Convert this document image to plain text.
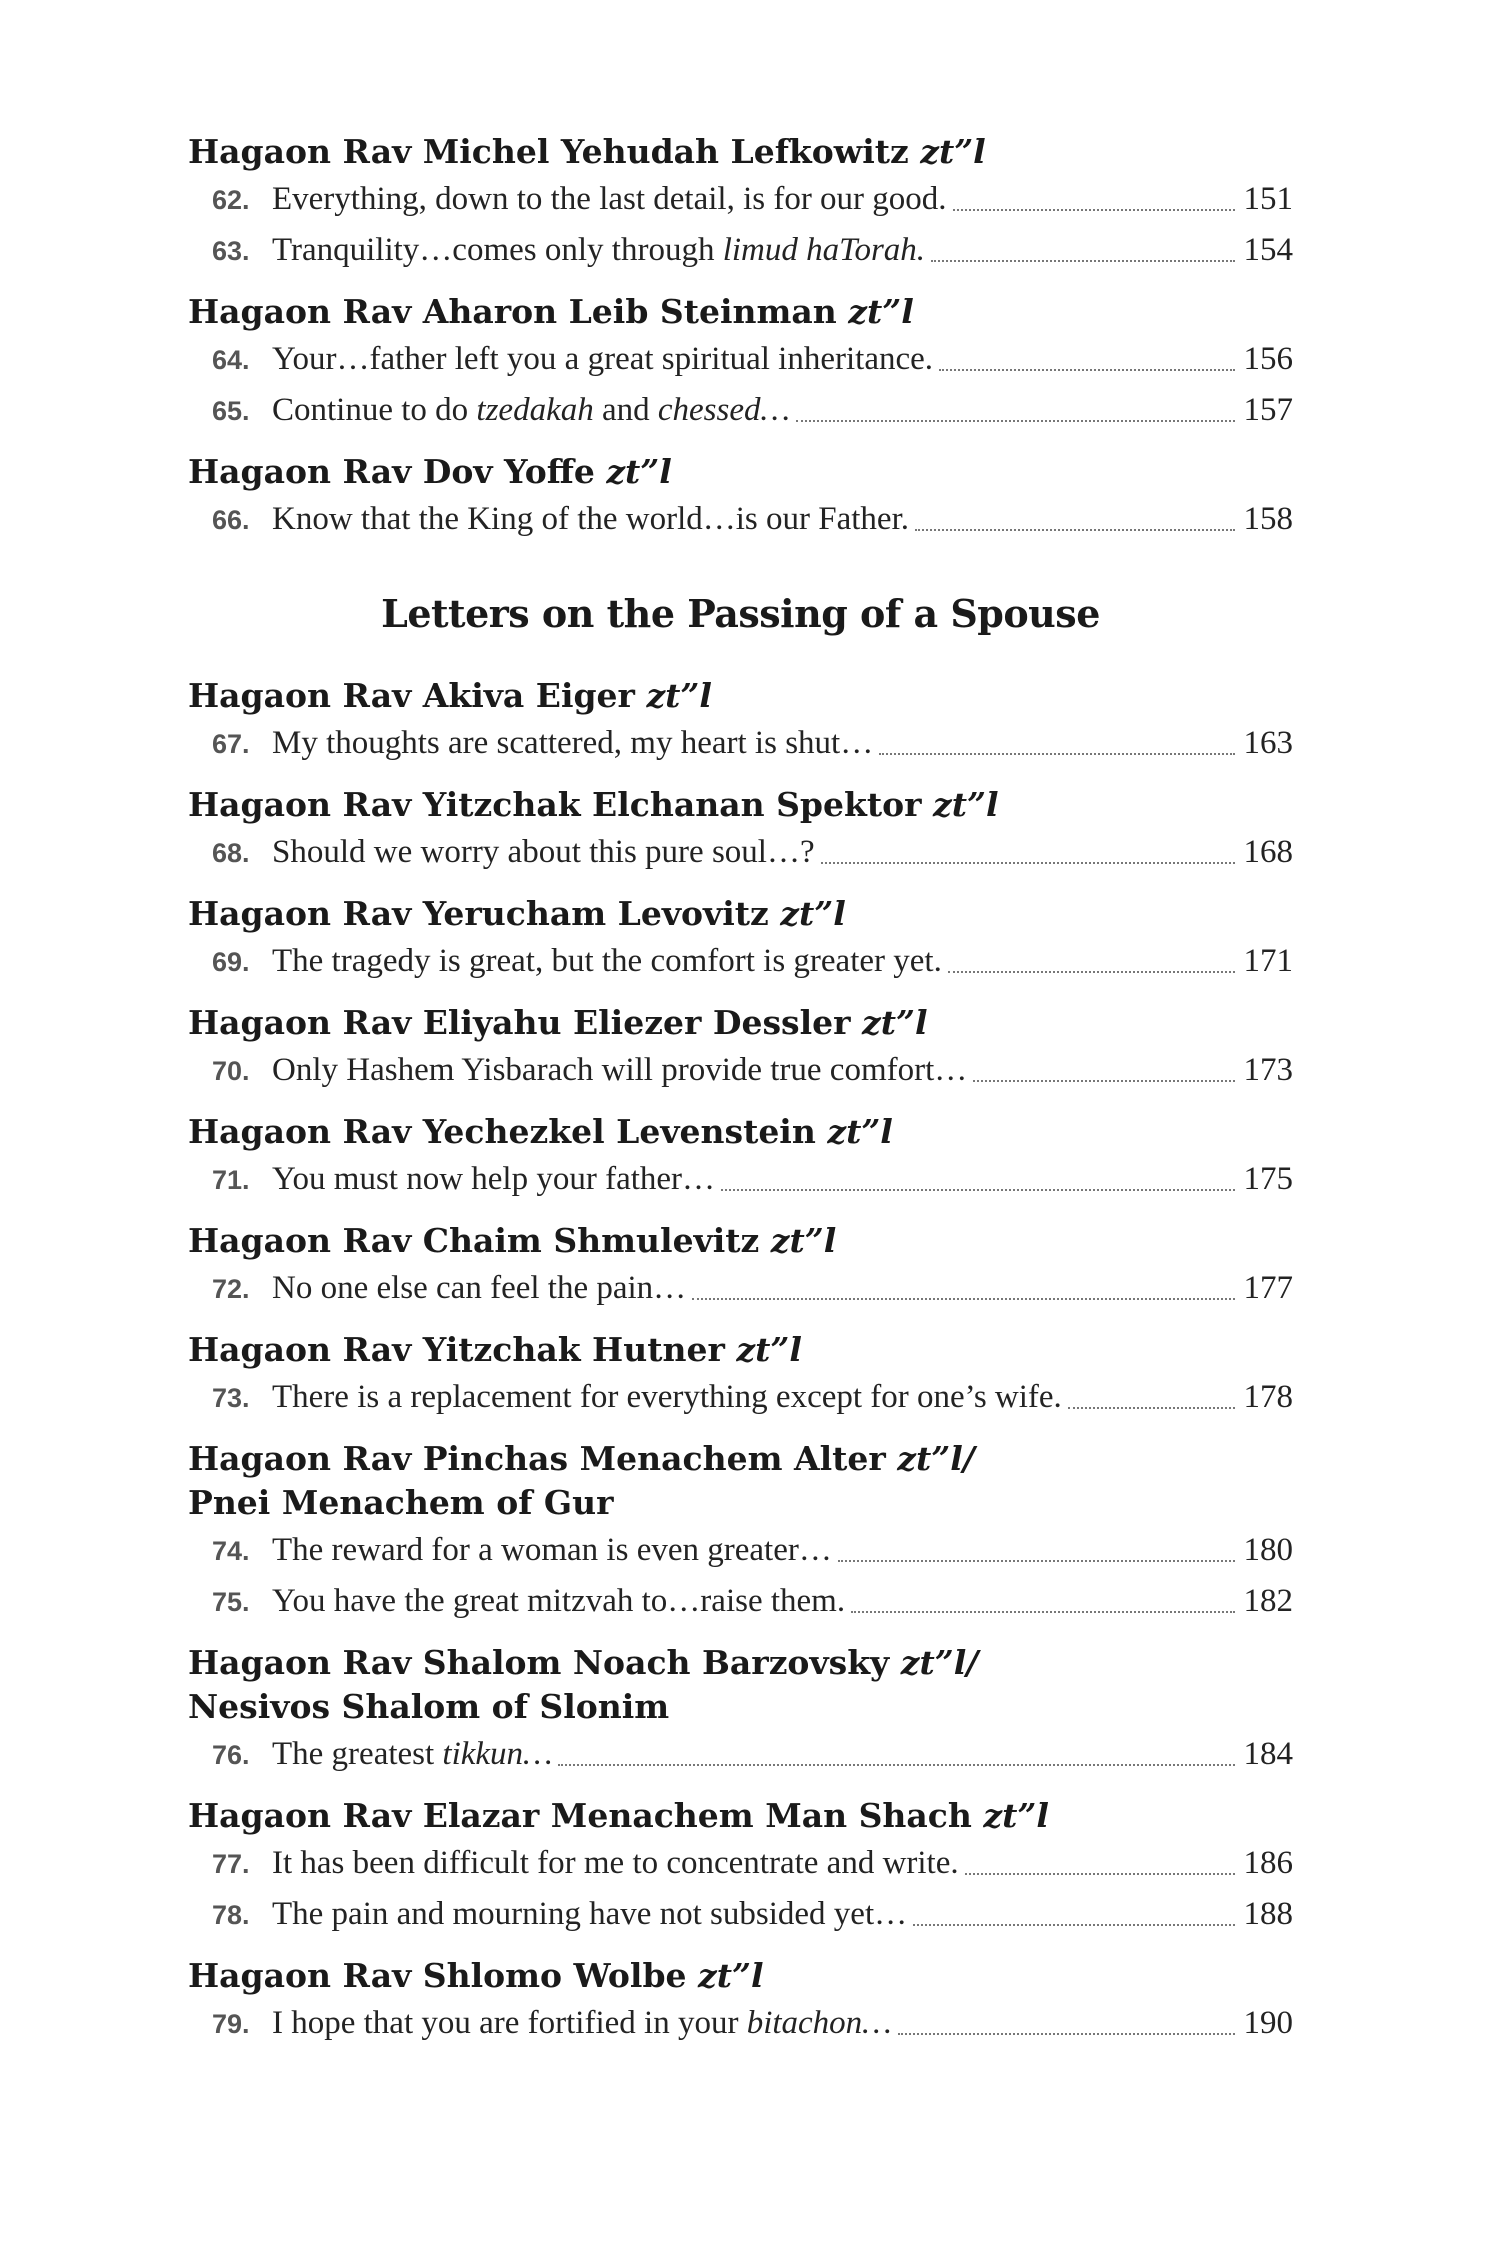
Hagaon Rav Michel Yehudah Lefkowitz zt”l
62. Everything, down to the last detail, is for our good.	151
63. Tranquility…comes only through limud haTorah.	154
Hagaon Rav Aharon Leib Steinman zt”l
64. Your…father left you a great spiritual inheritance.	156
65. Continue to do tzedakah and chessed…	157
Hagaon Rav Dov Yoffe zt”l
66. Know that the King of the world…is our Father.	158
Letters on the Passing of a Spouse
Hagaon Rav Akiva Eiger zt”l
67. My thoughts are scattered, my heart is shut…	163
Hagaon Rav Yitzchak Elchanan Spektor zt”l
68. Should we worry about this pure soul…?	168
Hagaon Rav Yerucham Levovitz zt”l
69. The tragedy is great, but the comfort is greater yet.	171
Hagaon Rav Eliyahu Eliezer Dessler zt”l
70. Only Hashem Yisbarach will provide true comfort…	173
Hagaon Rav Yechezkel Levenstein zt”l
71. You must now help your father…	175
Hagaon Rav Chaim Shmulevitz zt”l
72. No one else can feel the pain…	177
Hagaon Rav Yitzchak Hutner zt”l
73. There is a replacement for everything except for one’s wife.	178
Hagaon Rav Pinchas Menachem Alter zt”l/
Pnei Menachem of Gur
74. The reward for a woman is even greater…	180
75. You have the great mitzvah to…raise them.	182
Hagaon Rav Shalom Noach Barzovsky zt”l/
Nesivos Shalom of Slonim
76. The greatest tikkun…	184
Hagaon Rav Elazar Menachem Man Shach zt”l
77. It has been difficult for me to concentrate and write.	186
78. The pain and mourning have not subsided yet…	188
Hagaon Rav Shlomo Wolbe zt”l
79. I hope that you are fortified in your bitachon…	190
